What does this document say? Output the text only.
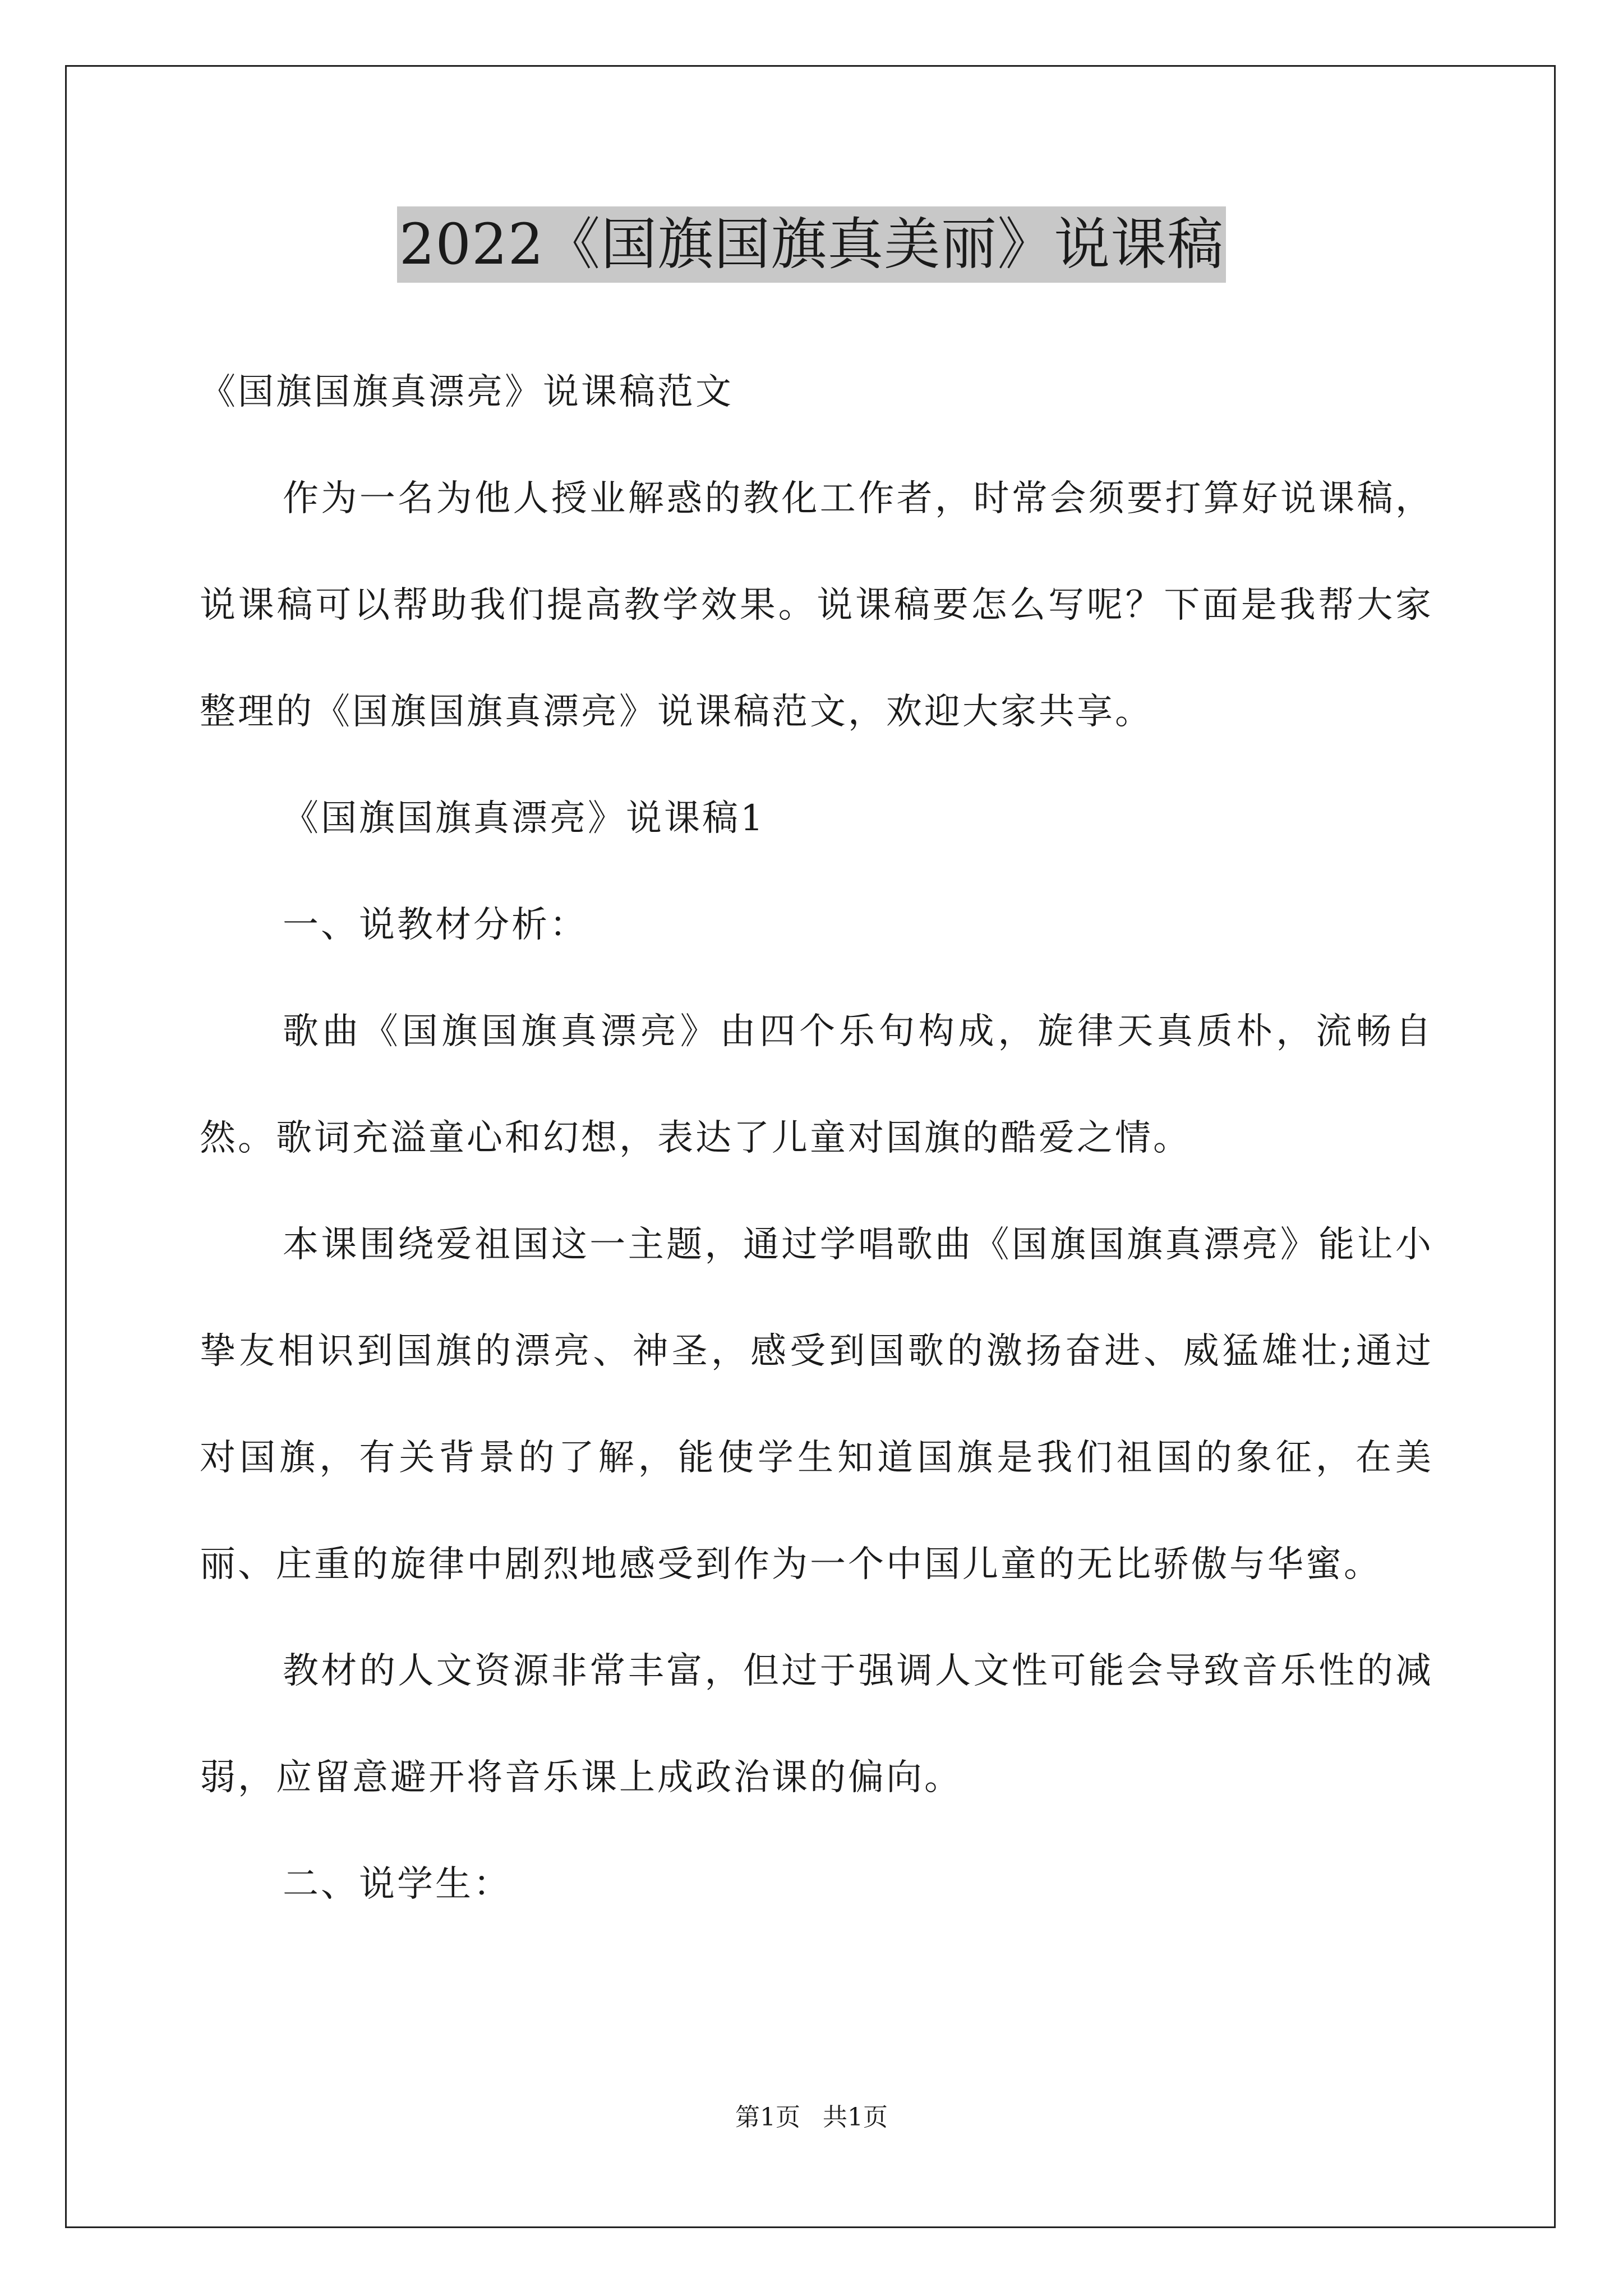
2022《国旗国旗真美丽》说课稿

《国旗国旗真漂亮》说课稿范文

作为一名为他人授业解惑的教化工作者，时常会须要打算好说课稿，说课稿可以帮助我们提高教学效果。说课稿要怎么写呢？下面是我帮大家整理的《国旗国旗真漂亮》说课稿范文，欢迎大家共享。

《国旗国旗真漂亮》说课稿1

一、说教材分析：

歌曲《国旗国旗真漂亮》由四个乐句构成，旋律天真质朴，流畅自然。歌词充溢童心和幻想，表达了儿童对国旗的酷爱之情。

本课围绕爱祖国这一主题，通过学唱歌曲《国旗国旗真漂亮》能让小挚友相识到国旗的漂亮、神圣，感受到国歌的激扬奋进、威猛雄壮;通过对国旗，有关背景的了解，能使学生知道国旗是我们祖国的象征，在美丽、庄重的旋律中剧烈地感受到作为一个中国儿童的无比骄傲与华蜜。

教材的人文资源非常丰富，但过于强调人文性可能会导致音乐性的减弱，应留意避开将音乐课上成政治课的偏向。

二、说学生：

第1页 共1页
